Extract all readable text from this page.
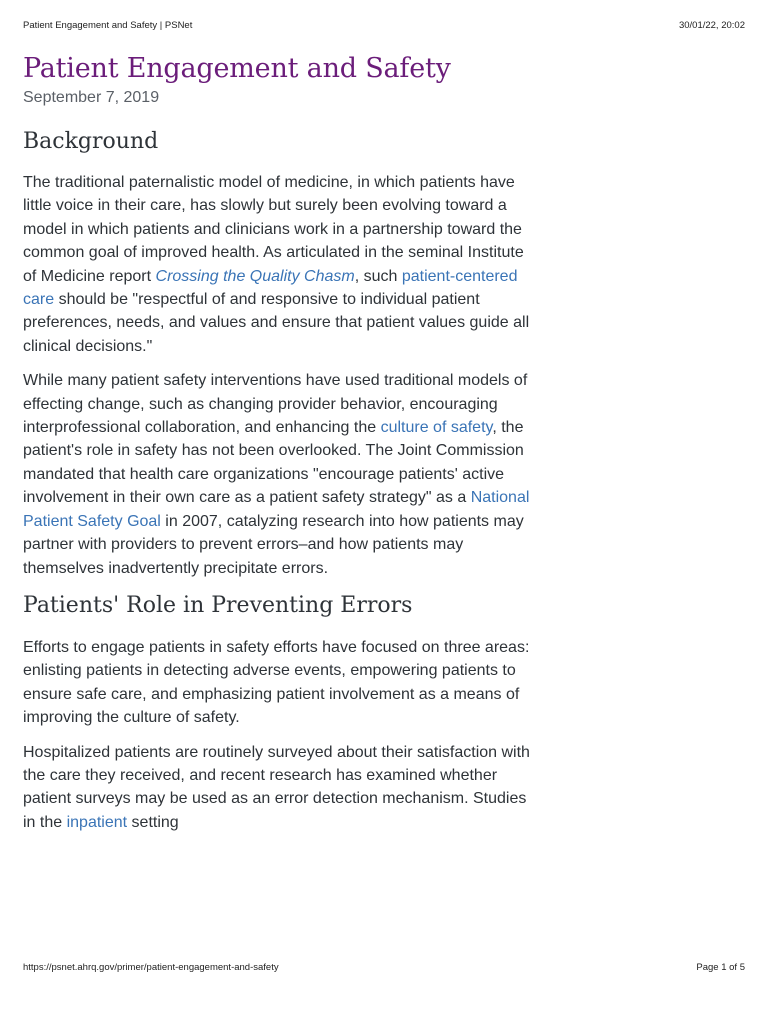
Patient Engagement and Safety | PSNet	30/01/22, 20:02
Patient Engagement and Safety
September 7, 2019
Background

The traditional paternalistic model of medicine, in which patients have little voice in their care, has slowly but surely been evolving toward a model in which patients and clinicians work in a partnership toward the common goal of improved health. As articulated in the seminal Institute of Medicine report Crossing the Quality Chasm, such patient-centered care should be "respectful of and responsive to individual patient preferences, needs, and values and ensure that patient values guide all clinical decisions."

While many patient safety interventions have used traditional models of effecting change, such as changing provider behavior, encouraging interprofessional collaboration, and enhancing the culture of safety, the patient's role in safety has not been overlooked. The Joint Commission mandated that health care organizations "encourage patients' active involvement in their own care as a patient safety strategy" as a National Patient Safety Goal in 2007, catalyzing research into how patients may partner with providers to prevent errors–and how patients may themselves inadvertently precipitate errors.

Patients' Role in Preventing Errors

Efforts to engage patients in safety efforts have focused on three areas: enlisting patients in detecting adverse events, empowering patients to ensure safe care, and emphasizing patient involvement as a means of improving the culture of safety.

Hospitalized patients are routinely surveyed about their satisfaction with the care they received, and recent research has examined whether patient surveys may be used as an error detection mechanism. Studies in the inpatient setting

https://psnet.ahrq.gov/primer/patient-engagement-and-safety	Page 1 of 5
